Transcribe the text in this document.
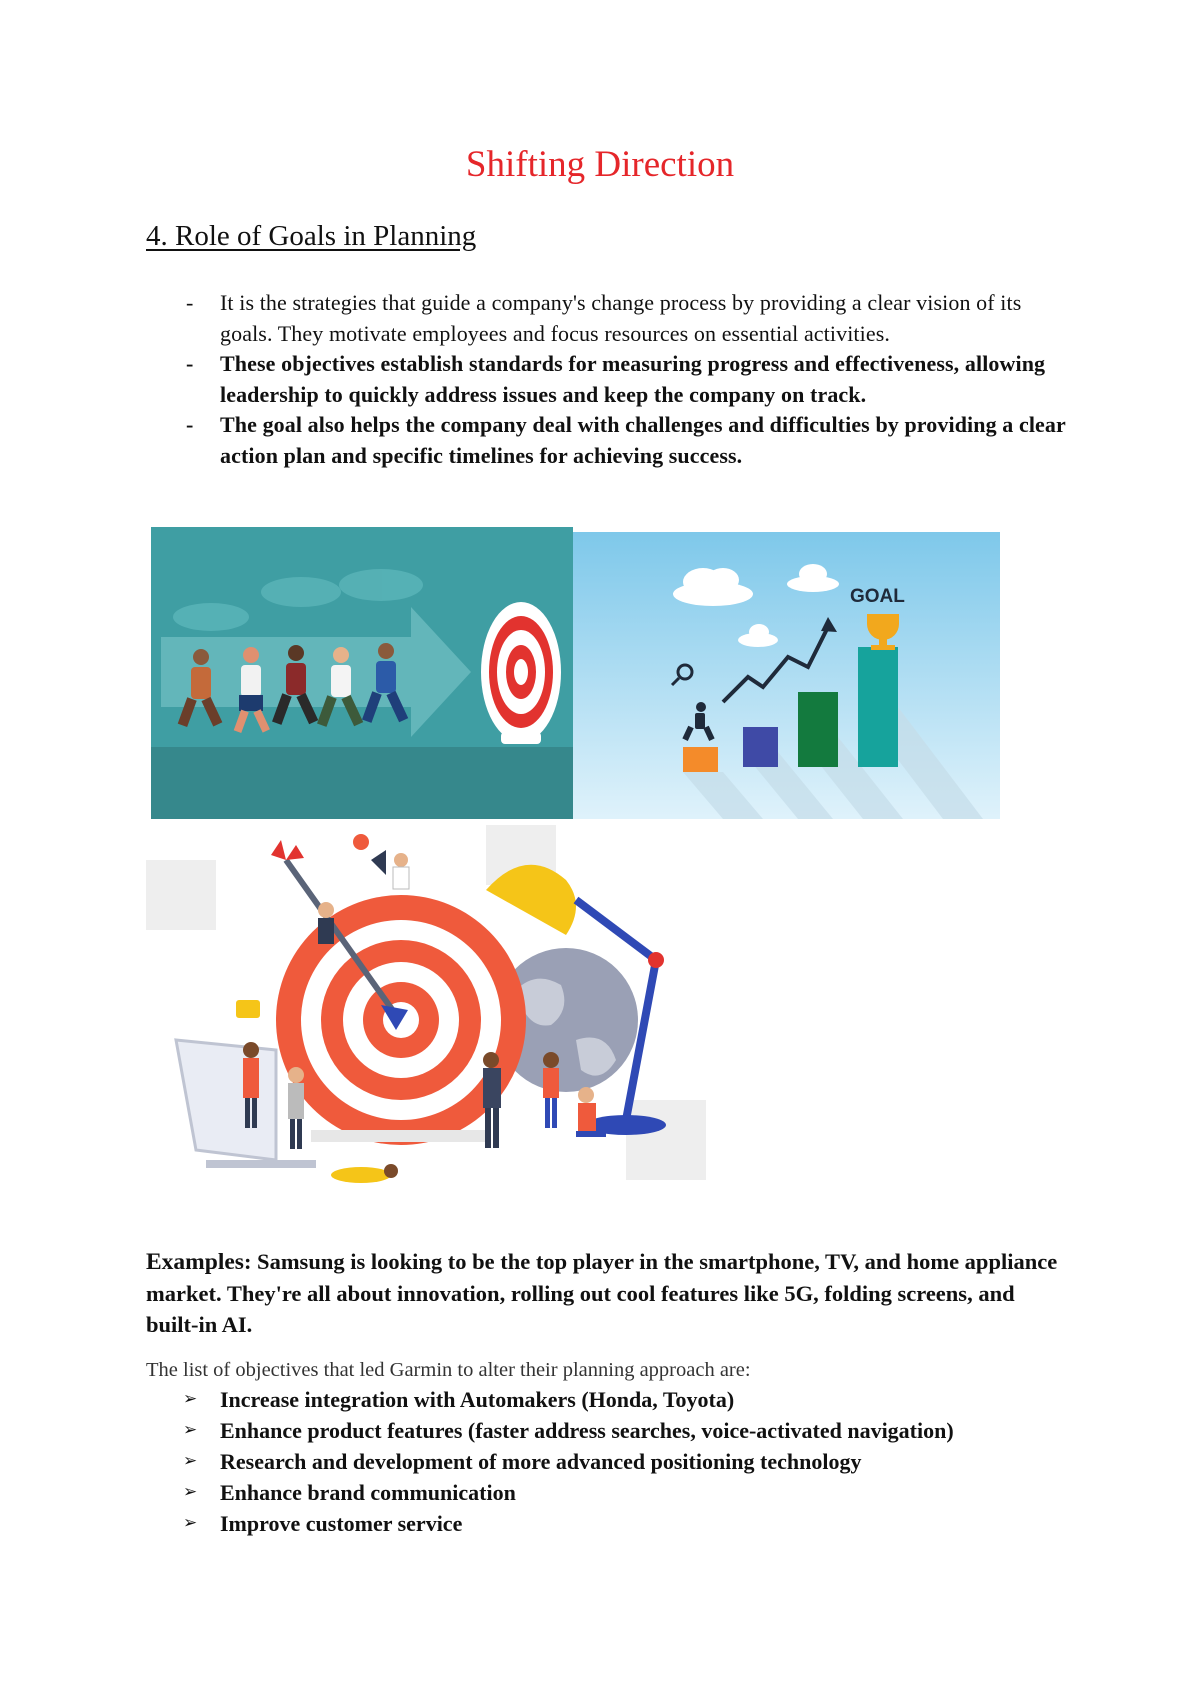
Shifting Direction
4. Role of Goals in Planning
- It is the strategies that guide a company's change process by providing a clear vision of its goals. They motivate employees and focus resources on essential activities.
- These objectives establish standards for measuring progress and effectiveness, allowing leadership to quickly address issues and keep the company on track.
- The goal also helps the company deal with challenges and difficulties by providing a clear action plan and specific timelines for achieving success.
GOAL
Examples: Samsung is looking to be the top player in the smartphone, TV, and home appliance market. They're all about innovation, rolling out cool features like 5G, folding screens, and built-in AI.
The list of objectives that led Garmin to alter their planning approach are:
➢ Increase integration with Automakers (Honda, Toyota)
➢ Enhance product features (faster address searches, voice-activated navigation)
➢ Research and development of more advanced positioning technology
➢ Enhance brand communication
➢ Improve customer service
